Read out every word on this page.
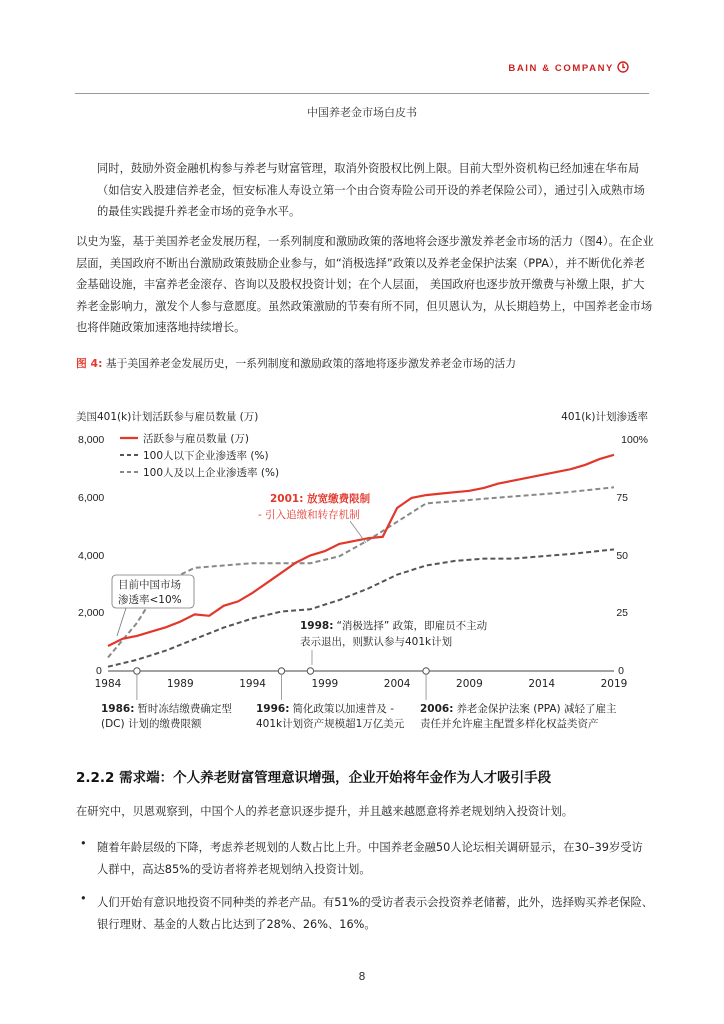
BAIN & COMPANY
中国养老金市场白皮书

同时，鼓励外资金融机构参与养老与财富管理，取消外资股权比例上限。目前大型外资机构已经加速在华布局（如信安入股建信养老金，恒安标准人寿设立第一个由合资寿险公司开设的养老保险公司），通过引入成熟市场的最佳实践提升养老金市场的竞争水平。

以史为鉴，基于美国养老金发展历程，一系列制度和激励政策的落地将会逐步激发养老金市场的活力（图4）。在企业层面，美国政府不断出台激励政策鼓励企业参与，如“消极选择”政策以及养老金保护法案（PPA），并不断优化养老金基础设施，丰富养老金滚存、咨询以及股权投资计划；在个人层面， 美国政府也逐步放开缴费与补缴上限，扩大养老金影响力，激发个人参与意愿度。虽然政策激励的节奏有所不同，但贝恩认为，从长期趋势上，中国养老金市场也将伴随政策加速落地持续增长。

图 4: 基于美国养老金发展历史，一系列制度和激励政策的落地将逐步激发养老金市场的活力
美国401(k)计划活跃参与雇员数量 (万)	401(k)计划渗透率
8,000
6,000
4,000
2,000
0
100%
75
50
25
0
1984	1989	1994	1999	2004	2009	2014	2019
活跃参与雇员数量 (万)
100人以下企业渗透率 (%)
100人及以上企业渗透率 (%)
2001: 放宽缴费限制
- 引入追缴和转存机制
目前中国市场
渗透率<10%
1998: “消极选择” 政策，即雇员不主动
表示退出，则默认参与401k计划
1986: 暂时冻结缴费确定型
(DC) 计划的缴费限额
1996: 简化政策以加速普及 -
401k计划资产规模超1万亿美元
2006: 养老金保护法案 (PPA) 减轻了雇主
责任并允许雇主配置多样化权益类资产
2.2.2 需求端：个人养老财富管理意识增强，企业开始将年金作为人才吸引手段

在研究中，贝恩观察到，中国个人的养老意识逐步提升，并且越来越愿意将养老规划纳入投资计划。

• 随着年龄层级的下降，考虑养老规划的人数占比上升。中国养老金融50人论坛相关调研显示，在30–39岁受访人群中，高达85%的受访者将养老规划纳入投资计划。
• 人们开始有意识地投资不同种类的养老产品。有51%的受访者表示会投资养老储蓄，此外，选择购买养老保险、银行理财、基金的人数占比达到了28%、26%、16%。
8
